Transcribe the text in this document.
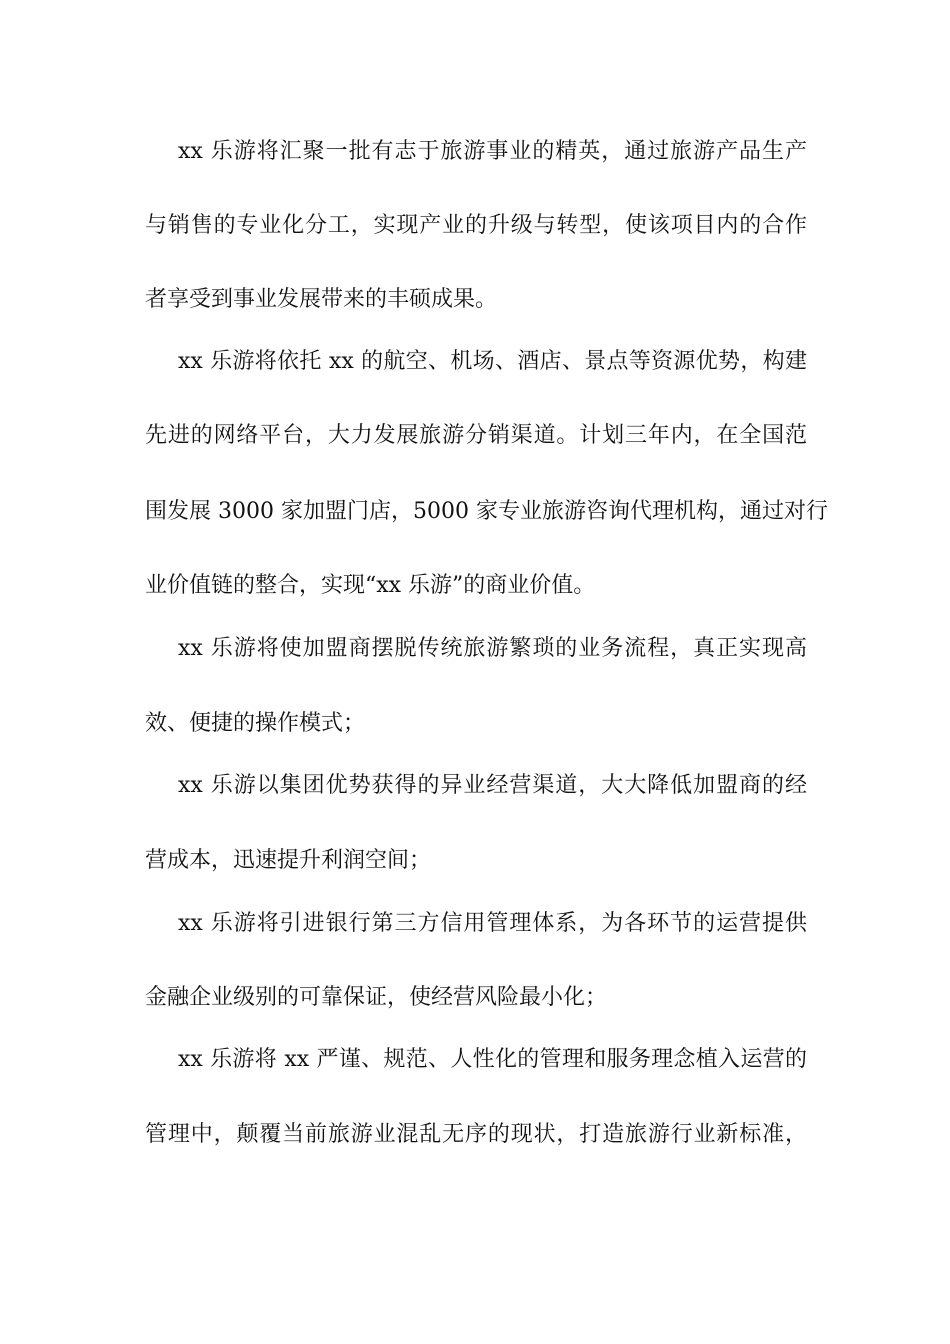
xx 乐游将汇聚一批有志于旅游事业的精英，通过旅游产品生产
与销售的专业化分工，实现产业的升级与转型，使该项目内的合作
者享受到事业发展带来的丰硕成果。
xx 乐游将依托 xx 的航空、机场、酒店、景点等资源优势，构建
先进的网络平台，大力发展旅游分销渠道。计划三年内，在全国范
围发展 3000 家加盟门店，5000 家专业旅游咨询代理机构，通过对行
业价值链的整合，实现“xx 乐游”的商业价值。
xx 乐游将使加盟商摆脱传统旅游繁琐的业务流程，真正实现高
效、便捷的操作模式；
xx 乐游以集团优势获得的异业经营渠道，大大降低加盟商的经
营成本，迅速提升利润空间；
xx 乐游将引进银行第三方信用管理体系，为各环节的运营提供
金融企业级别的可靠保证，使经营风险最小化；
xx 乐游将 xx 严谨、规范、人性化的管理和服务理念植入运营的
管理中，颠覆当前旅游业混乱无序的现状，打造旅游行业新标准，
